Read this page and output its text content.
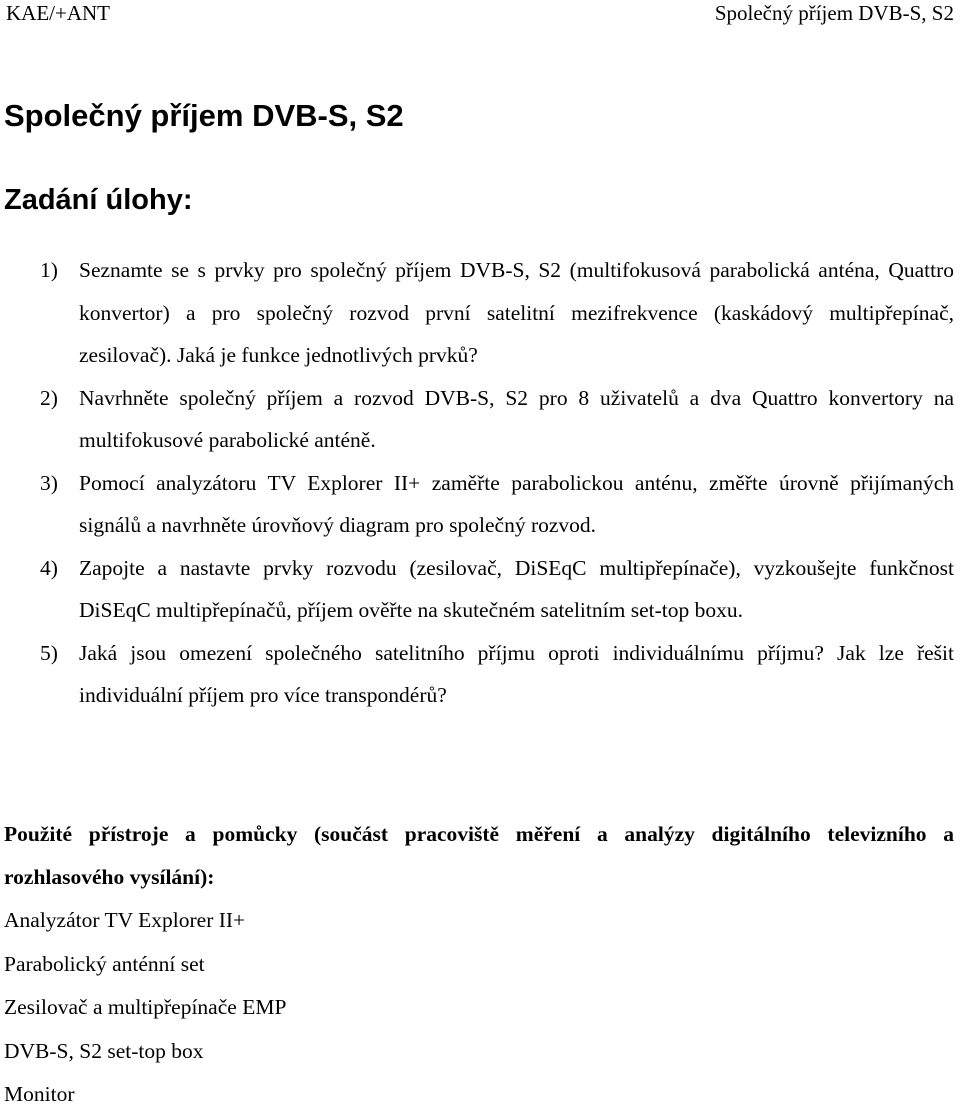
KAE/+ANT	Společný příjem DVB-S, S2
Společný příjem DVB-S, S2
Zadání úlohy:
1) Seznamte se s prvky pro společný příjem DVB-S, S2 (multifokusová parabolická anténa, Quattro konvertor) a pro společný rozvod první satelitní mezifrekvence (kaskádový multipřepínač, zesilovač). Jaká je funkce jednotlivých prvků?
2) Navrhněte společný příjem a rozvod DVB-S, S2 pro 8 uživatelů a dva Quattro konvertory na multifokusové parabolické anténě.
3) Pomocí analyzátoru TV Explorer II+ zaměřte parabolickou anténu, změřte úrovně přijímaných signálů a navrhněte úrovňový diagram pro společný rozvod.
4) Zapojte a nastavte prvky rozvodu (zesilovač, DiSEqC multipřepínače), vyzkoušejte funkčnost DiSEqC multipřepínačů, příjem ověřte na skutečném satelitním set-top boxu.
5) Jaká jsou omezení společného satelitního příjmu oproti individuálnímu příjmu? Jak lze řešit individuální příjem pro více transpondérů?

Použité přístroje a pomůcky (součást pracoviště měření a analýzy digitálního televizního a rozhlasového vysílání):

Analyzátor TV Explorer II+
Parabolický anténní set
Zesilovač a multipřepínače EMP
DVB-S, S2 set-top box
Monitor
